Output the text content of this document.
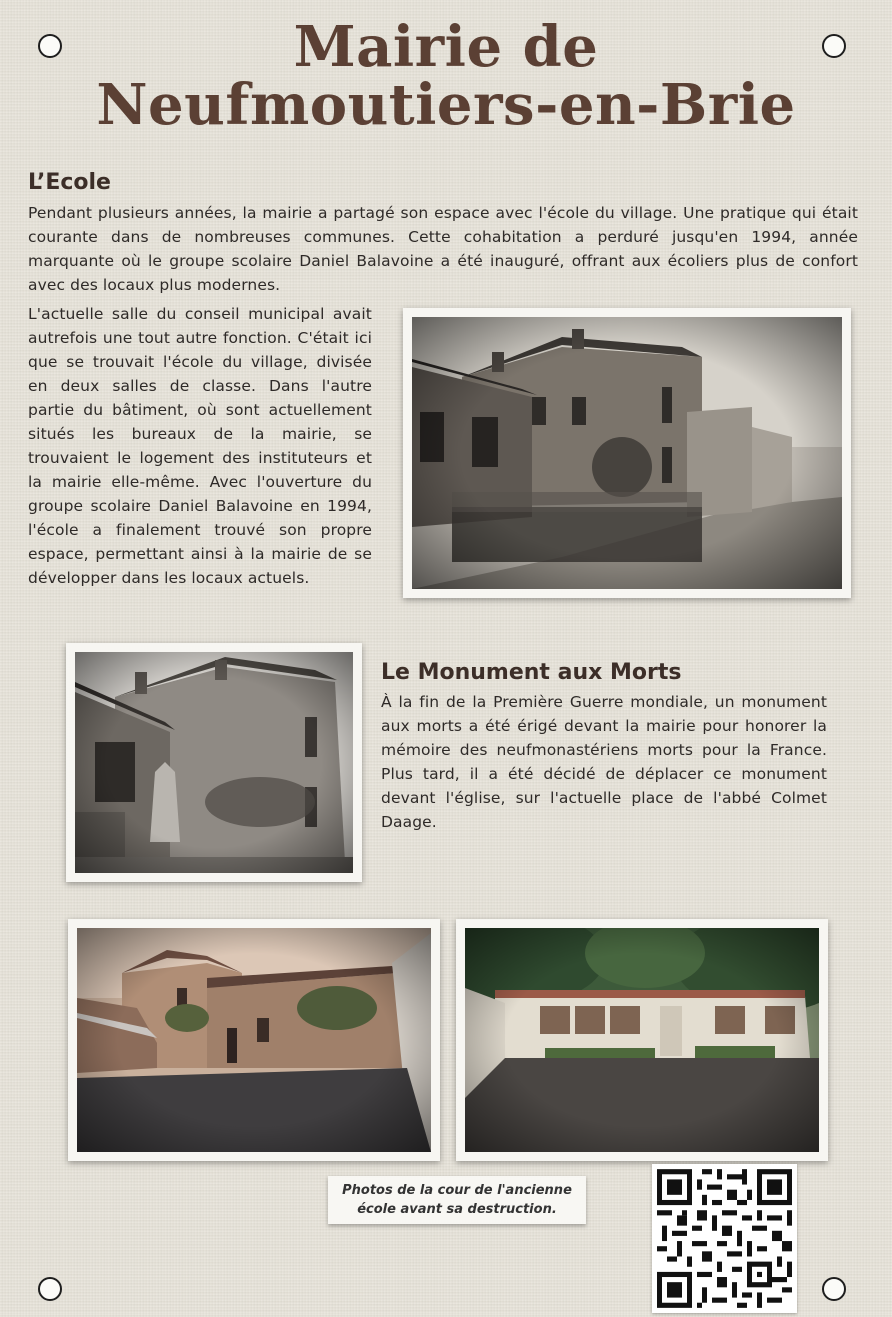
Mairie de
Neufmoutiers-en-Brie
L’Ecole

Pendant plusieurs années, la mairie a partagé son espace avec l'école du village. Une pratique qui était courante dans de nombreuses communes. Cette cohabitation a perduré jusqu'en 1994, année marquante où le groupe scolaire Daniel Balavoine a été inauguré, offrant aux écoliers plus de confort avec des locaux plus modernes.

L'actuelle salle du conseil municipal avait autrefois une tout autre fonction. C'était ici que se trouvait l'école du village, divisée en deux salles de classe. Dans l'autre partie du bâtiment, où sont actuellement situés les bureaux de la mairie, se trouvaient le logement des instituteurs et la mairie elle-même. Avec l'ouverture du groupe scolaire Daniel Balavoine en 1994, l'école a finalement trouvé son propre espace, permettant ainsi à la mairie de se développer dans les locaux actuels.

Le Monument aux Morts

À la fin de la Première Guerre mondiale, un monument aux morts a été érigé devant la mairie pour honorer la mémoire des neufmonastériens morts pour la France. Plus tard, il a été décidé de déplacer ce monument devant l'église, sur l'actuelle place de l'abbé Colmet Daage.

Photos de la cour de l'ancienne
école avant sa destruction.
